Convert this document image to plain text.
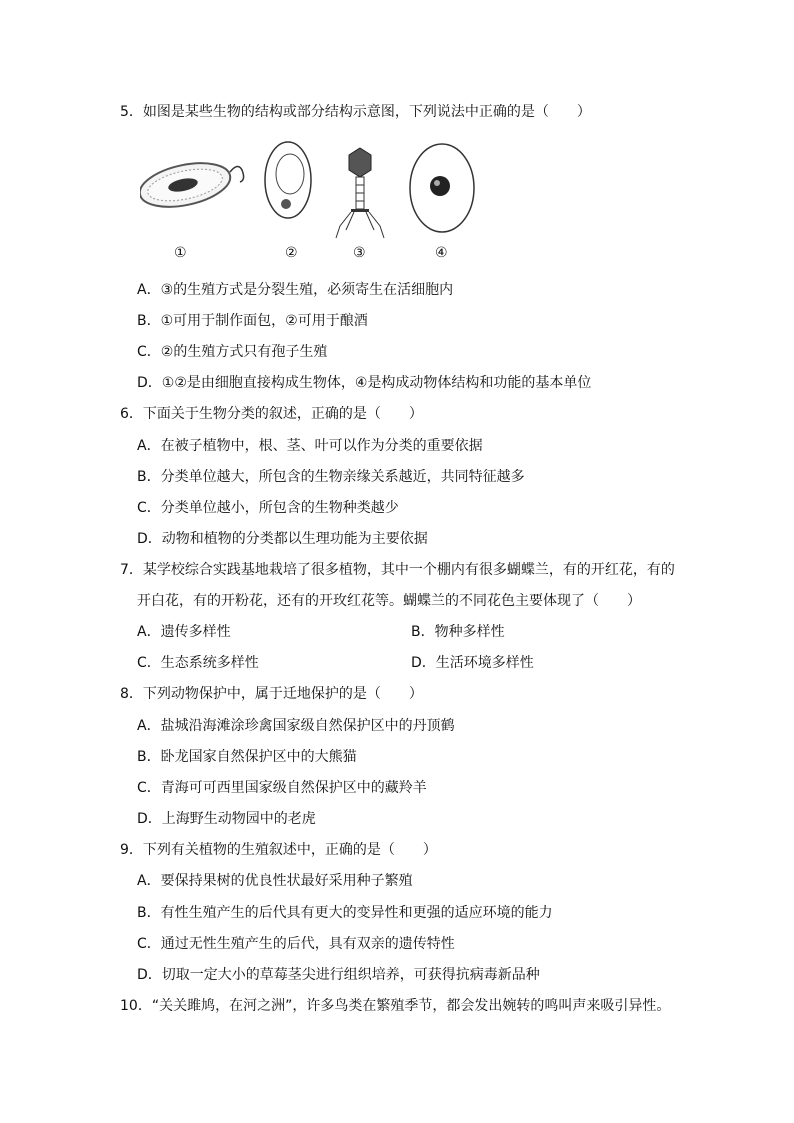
5．如图是某些生物的结构或部分结构示意图，下列说法中正确的是（　　）
①	②	③	④
A．③的生殖方式是分裂生殖，必须寄生在活细胞内
B．①可用于制作面包，②可用于酿酒
C．②的生殖方式只有孢子生殖
D．①②是由细胞直接构成生物体，④是构成动物体结构和功能的基本单位
6．下面关于生物分类的叙述，正确的是（　　）
A．在被子植物中，根、茎、叶可以作为分类的重要依据
B．分类单位越大，所包含的生物亲缘关系越近，共同特征越多
C．分类单位越小，所包含的生物种类越少
D．动物和植物的分类都以生理功能为主要依据
7．某学校综合实践基地栽培了很多植物，其中一个棚内有很多蝴蝶兰，有的开红花，有的
开白花，有的开粉花，还有的开玫红花等。蝴蝶兰的不同花色主要体现了（　　）
A．遗传多样性	B．物种多样性
C．生态系统多样性	D．生活环境多样性
8．下列动物保护中，属于迁地保护的是（　　）
A．盐城沿海滩涂珍禽国家级自然保护区中的丹顶鹤
B．卧龙国家自然保护区中的大熊猫
C．青海可可西里国家级自然保护区中的藏羚羊
D．上海野生动物园中的老虎
9．下列有关植物的生殖叙述中，正确的是（　　）
A．要保持果树的优良性状最好采用种子繁殖
B．有性生殖产生的后代具有更大的变异性和更强的适应环境的能力
C．通过无性生殖产生的后代，具有双亲的遗传特性
D．切取一定大小的草莓茎尖进行组织培养，可获得抗病毒新品种
10．“关关雎鸠，在河之洲”，许多鸟类在繁殖季节，都会发出婉转的鸣叫声来吸引异性。
